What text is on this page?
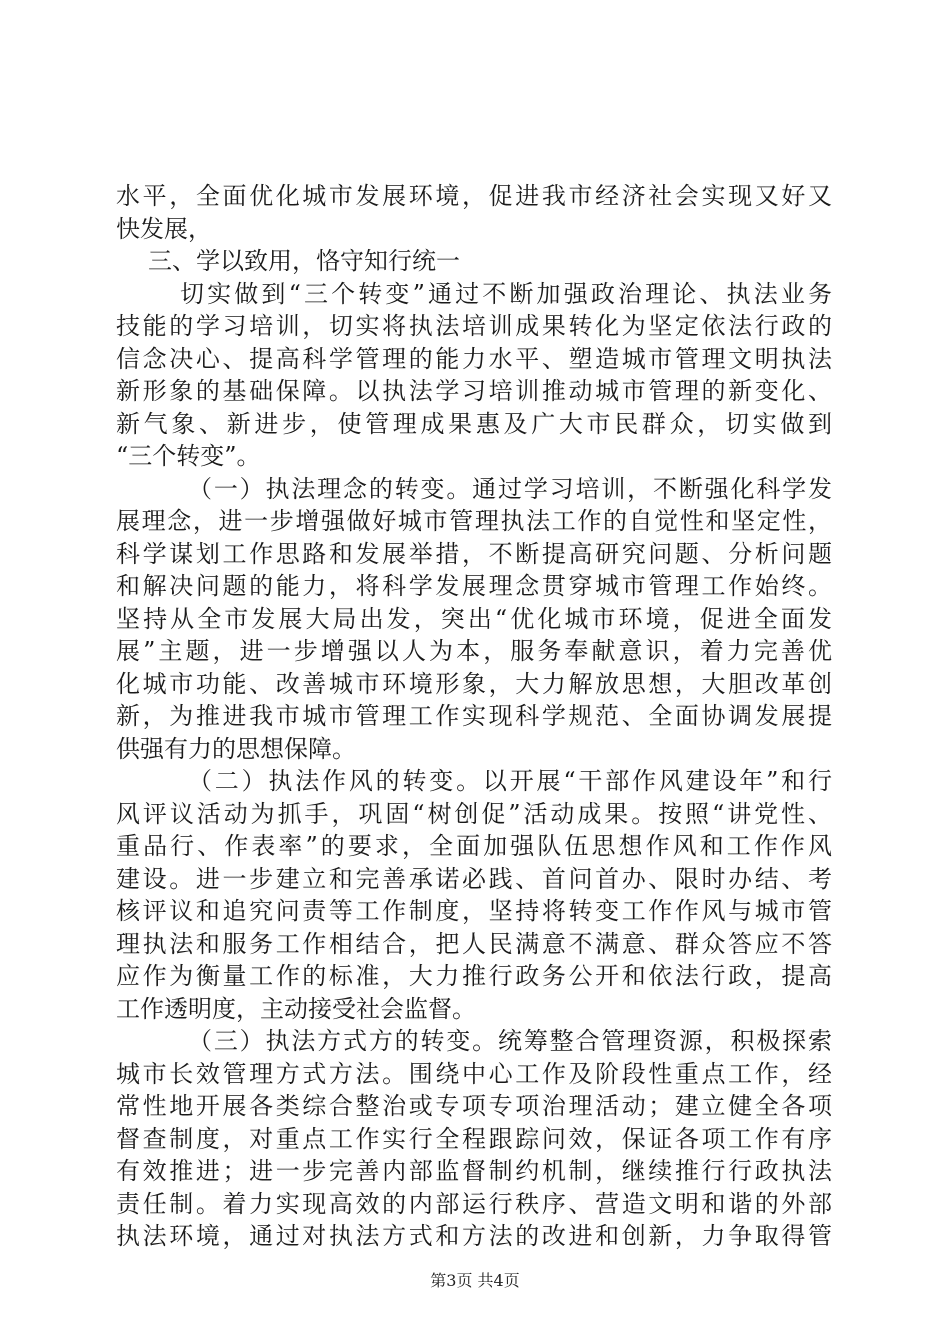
水平，全面优化城市发展环境，促进我市经济社会实现又好又
快发展，
三、学以致用，恪守知行统一
切实做到“三个转变”通过不断加强政治理论、执法业务
技能的学习培训，切实将执法培训成果转化为坚定依法行政的
信念决心、提高科学管理的能力水平、塑造城市管理文明执法
新形象的基础保障。以执法学习培训推动城市管理的新变化、
新气象、新进步，使管理成果惠及广大市民群众，切实做到
“三个转变”。
（一）执法理念的转变。通过学习培训，不断强化科学发
展理念，进一步增强做好城市管理执法工作的自觉性和坚定性，
科学谋划工作思路和发展举措，不断提高研究问题、分析问题
和解决问题的能力，将科学发展理念贯穿城市管理工作始终。
坚持从全市发展大局出发，突出“优化城市环境，促进全面发
展”主题，进一步增强以人为本，服务奉献意识，着力完善优
化城市功能、改善城市环境形象，大力解放思想，大胆改革创
新，为推进我市城市管理工作实现科学规范、全面协调发展提
供强有力的思想保障。
（二）执法作风的转变。以开展“干部作风建设年”和行
风评议活动为抓手，巩固“树创促”活动成果。按照“讲党性、
重品行、作表率”的要求，全面加强队伍思想作风和工作作风
建设。进一步建立和完善承诺必践、首问首办、限时办结、考
核评议和追究问责等工作制度，坚持将转变工作作风与城市管
理执法和服务工作相结合，把人民满意不满意、群众答应不答
应作为衡量工作的标准，大力推行政务公开和依法行政，提高
工作透明度，主动接受社会监督。
（三）执法方式方的转变。统筹整合管理资源，积极探索
城市长效管理方式方法。围绕中心工作及阶段性重点工作，经
常性地开展各类综合整治或专项专项治理活动；建立健全各项
督查制度，对重点工作实行全程跟踪问效，保证各项工作有序
有效推进；进一步完善内部监督制约机制，继续推行行政执法
责任制。着力实现高效的内部运行秩序、营造文明和谐的外部
执法环境，通过对执法方式和方法的改进和创新，力争取得管
第3页 共4页
